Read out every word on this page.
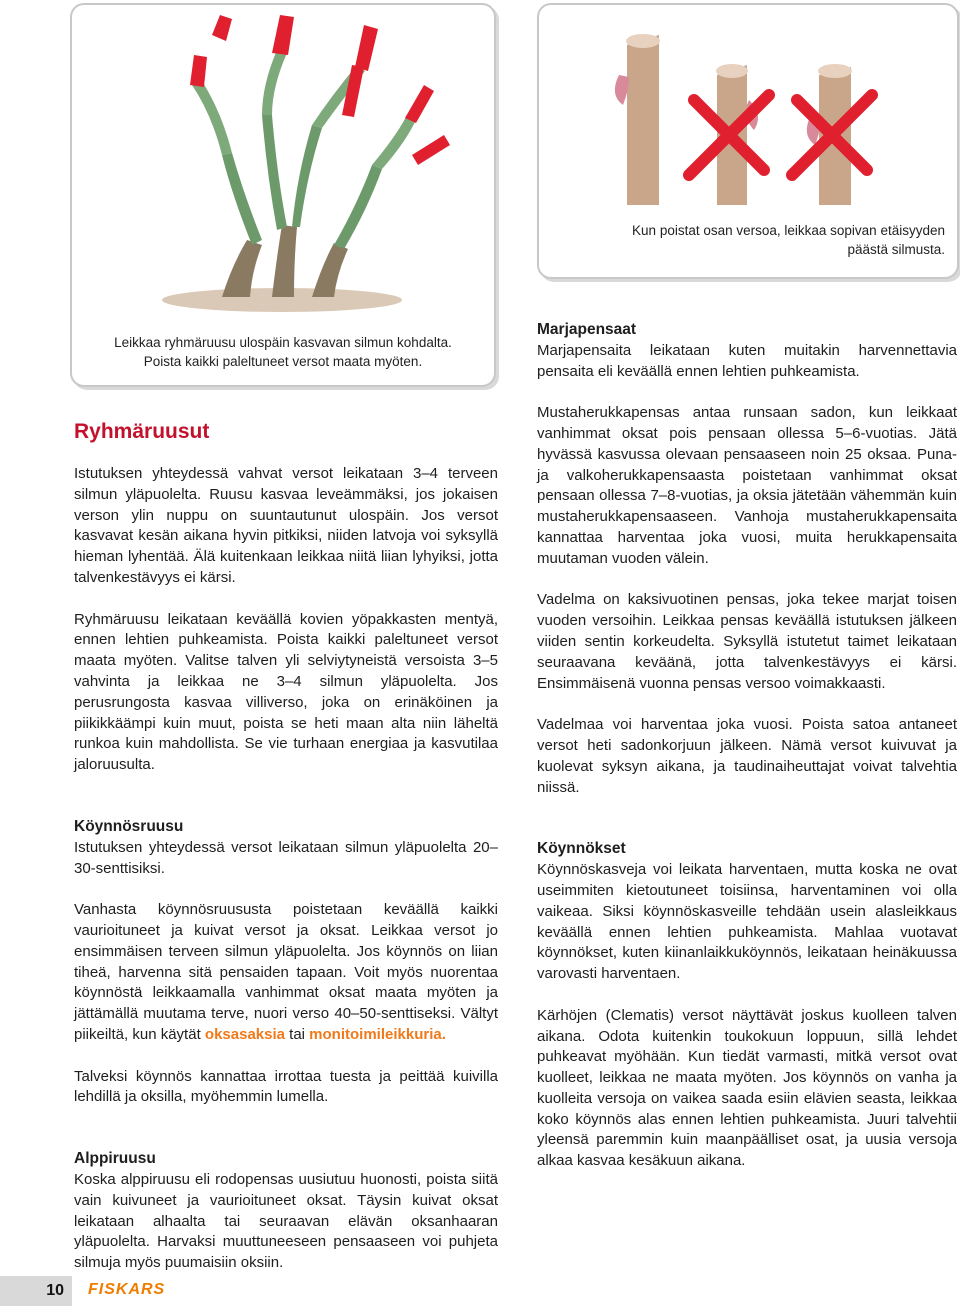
Leikkaa ryhmäruusu ulospäin kasvavan silmun kohdalta.
Poista kaikki paleltuneet versot maata myöten.
Kun poistat osan versoa, leikkaa sopivan etäisyyden
päästä silmusta.
Ryhmäruusut

Istutuksen yhteydessä vahvat versot leikataan 3–4 terveen silmun yläpuolelta. Ruusu kasvaa leveämmäksi, jos jokaisen verson ylin nuppu on suuntautunut ulospäin. Jos versot kasvavat kesän aikana hyvin pitkiksi, niiden latvoja voi syksyllä hieman lyhentää. Älä kuitenkaan leikkaa niitä liian lyhyiksi, jotta talvenkestävyys ei kärsi.

Ryhmäruusu leikataan keväällä kovien yöpakkasten mentyä, ennen lehtien puhkeamista. Poista kaikki paleltuneet versot maata myöten. Valitse talven yli selviytyneistä versoista 3–5 vahvinta ja leikkaa ne 3–4 silmun yläpuolelta. Jos perusrungosta kasvaa villiverso, joka on erinäköinen ja piikikkäämpi kuin muut, poista se heti maan alta niin läheltä runkoa kuin mahdollista. Se vie turhaan energiaa ja kasvutilaa jaloruusulta.

Köynnösruusu

Istutuksen yhteydessä versot leikataan silmun yläpuolelta 20–30-senttisiksi.

Vanhasta köynnösruususta poistetaan keväällä kaikki vaurioituneet ja kuivat versot ja oksat. Leikkaa versot jo ensimmäisen terveen silmun yläpuolelta. Jos köynnös on liian tiheä, harvenna sitä pensaiden tapaan. Voit myös nuorentaa köynnöstä leikkaamalla vanhimmat oksat maata myöten ja jättämällä muutama terve, nuori verso 40–50-senttiseksi. Vältyt piikeiltä, kun käytät oksasaksia tai monitoimileikkuria.

Talveksi köynnös kannattaa irrottaa tuesta ja peittää kuivilla lehdillä ja oksilla, myöhemmin lumella.

Alppiruusu

Koska alppiruusu eli rodopensas uusiutuu huonosti, poista siitä vain kuivuneet ja vaurioituneet oksat. Täysin kuivat oksat leikataan alhaalta tai seuraavan elävän oksanhaaran yläpuolelta. Harvaksi muuttuneeseen pensaaseen voi puhjeta silmuja myös puumaisiin oksiin.

Marjapensaat

Marjapensaita leikataan kuten muitakin harvennettavia pensaita eli keväällä ennen lehtien puhkeamista.

Mustaherukkapensas antaa runsaan sadon, kun leikkaat vanhimmat oksat pois pensaan ollessa 5–6-vuotias. Jätä hyvässä kasvussa olevaan pensaaseen noin 25 oksaa. Puna- ja valkoherukkapensaasta poistetaan vanhimmat oksat pensaan ollessa 7–8-vuotias, ja oksia jätetään vähemmän kuin mustaherukkapensaaseen. Vanhoja mustaherukkapensaita kannattaa harventaa joka vuosi, muita herukkapensaita muutaman vuoden välein.

Vadelma on kaksivuotinen pensas, joka tekee marjat toisen vuoden versoihin. Leikkaa pensas keväällä istutuksen jälkeen viiden sentin korkeudelta. Syksyllä istutetut taimet leikataan seuraavana keväänä, jotta talvenkestävyys ei kärsi. Ensimmäisenä vuonna pensas versoo voimakkaasti.

Vadelmaa voi harventaa joka vuosi. Poista satoa antaneet versot heti sadonkorjuun jälkeen. Nämä versot kuivuvat ja kuolevat syksyn aikana, ja taudinaiheuttajat voivat talvehtia niissä.

Köynnökset

Köynnöskasveja voi leikata harventaen, mutta koska ne ovat useimmiten kietoutuneet toisiinsa, harventaminen voi olla vaikeaa. Siksi köynnöskasveille tehdään usein alasleikkaus keväällä ennen lehtien puhkeamista. Mahlaa vuotavat köynnökset, kuten kiinanlaikkuköynnös, leikataan heinäkuussa varovasti harventaen.

Kärhöjen (Clematis) versot näyttävät joskus kuolleen talven aikana. Odota kuitenkin toukokuun loppuun, sillä lehdet puhkeavat myöhään. Kun tiedät varmasti, mitkä versot ovat kuolleet, leikkaa ne maata myöten. Jos köynnös on vanha ja kuolleita versoja on vaikea saada esiin elävien seasta, leikkaa koko köynnös alas ennen lehtien puhkeamista. Juuri talvehtii yleensä paremmin kuin maanpäälliset osat, ja uusia versoja alkaa kasvaa kesäkuun aikana.

10	FISKARS
